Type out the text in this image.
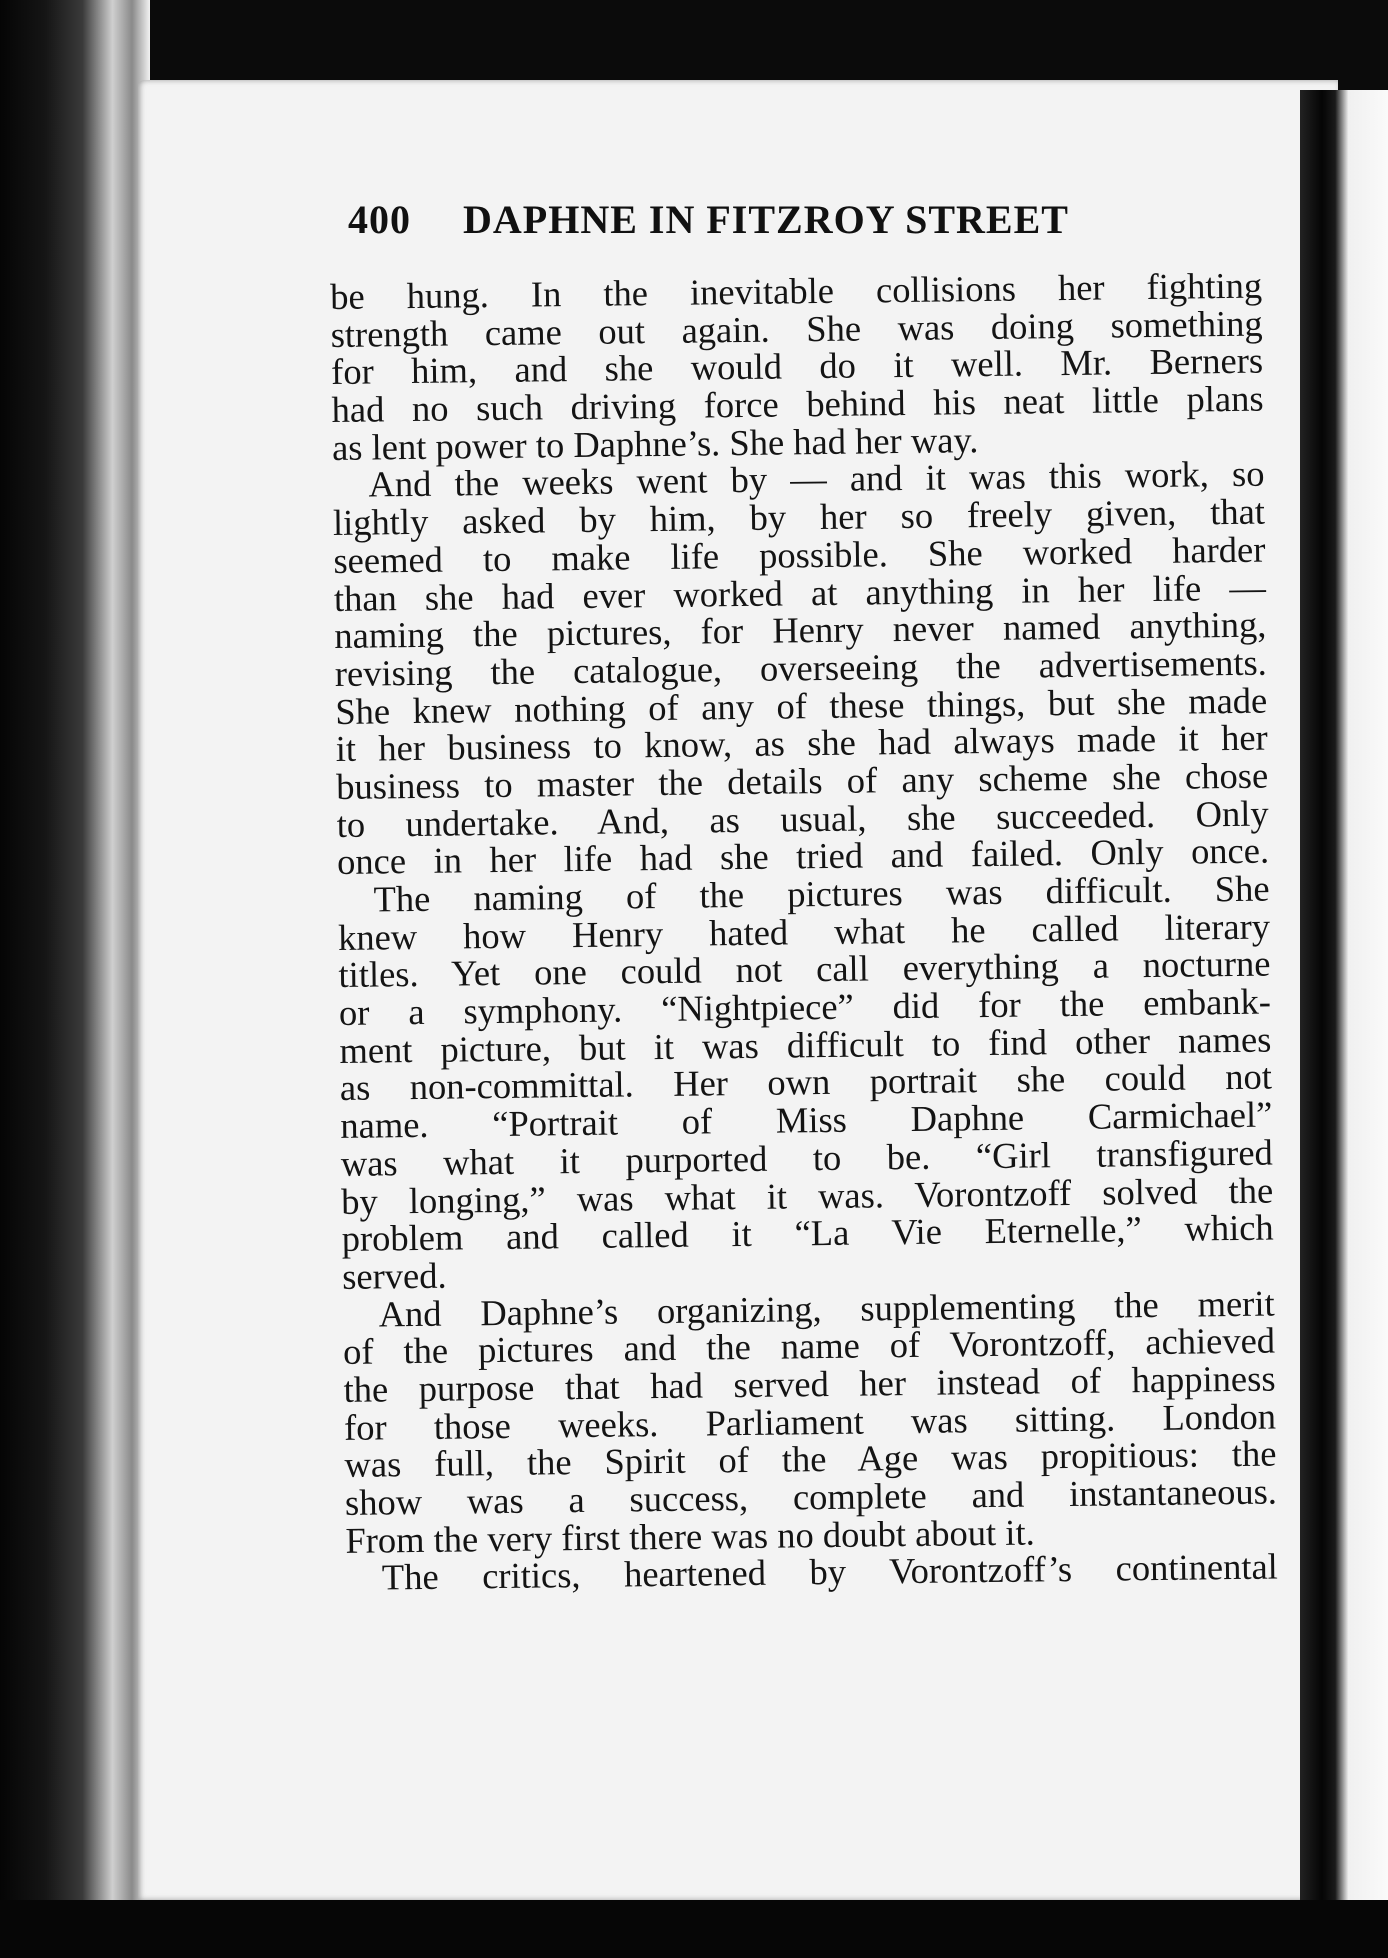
400 DAPHNE IN FITZROY STREET
be hung. In the inevitable collisions her fighting
strength came out again. She was doing something
for him, and she would do it well. Mr. Berners
had no such driving force behind his neat little plans
as lent power to Daphne’s. She had her way.
And the weeks went by — and it was this work, so
lightly asked by him, by her so freely given, that
seemed to make life possible. She worked harder
than she had ever worked at anything in her life —
naming the pictures, for Henry never named anything,
revising the catalogue, overseeing the advertisements.
She knew nothing of any of these things, but she made
it her business to know, as she had always made it her
business to master the details of any scheme she chose
to undertake. And, as usual, she succeeded. Only
once in her life had she tried and failed. Only once.
The naming of the pictures was difficult. She
knew how Henry hated what he called literary
titles. Yet one could not call everything a nocturne
or a symphony. “Nightpiece” did for the embank-
ment picture, but it was difficult to find other names
as non-committal. Her own portrait she could not
name. “Portrait of Miss Daphne Carmichael”
was what it purported to be. “Girl transfigured
by longing,” was what it was. Vorontzoff solved the
problem and called it “La Vie Eternelle,” which
served.
And Daphne’s organizing, supplementing the merit
of the pictures and the name of Vorontzoff, achieved
the purpose that had served her instead of happiness
for those weeks. Parliament was sitting. London
was full, the Spirit of the Age was propitious: the
show was a success, complete and instantaneous.
From the very first there was no doubt about it.
The critics, heartened by Vorontzoff’s continental
